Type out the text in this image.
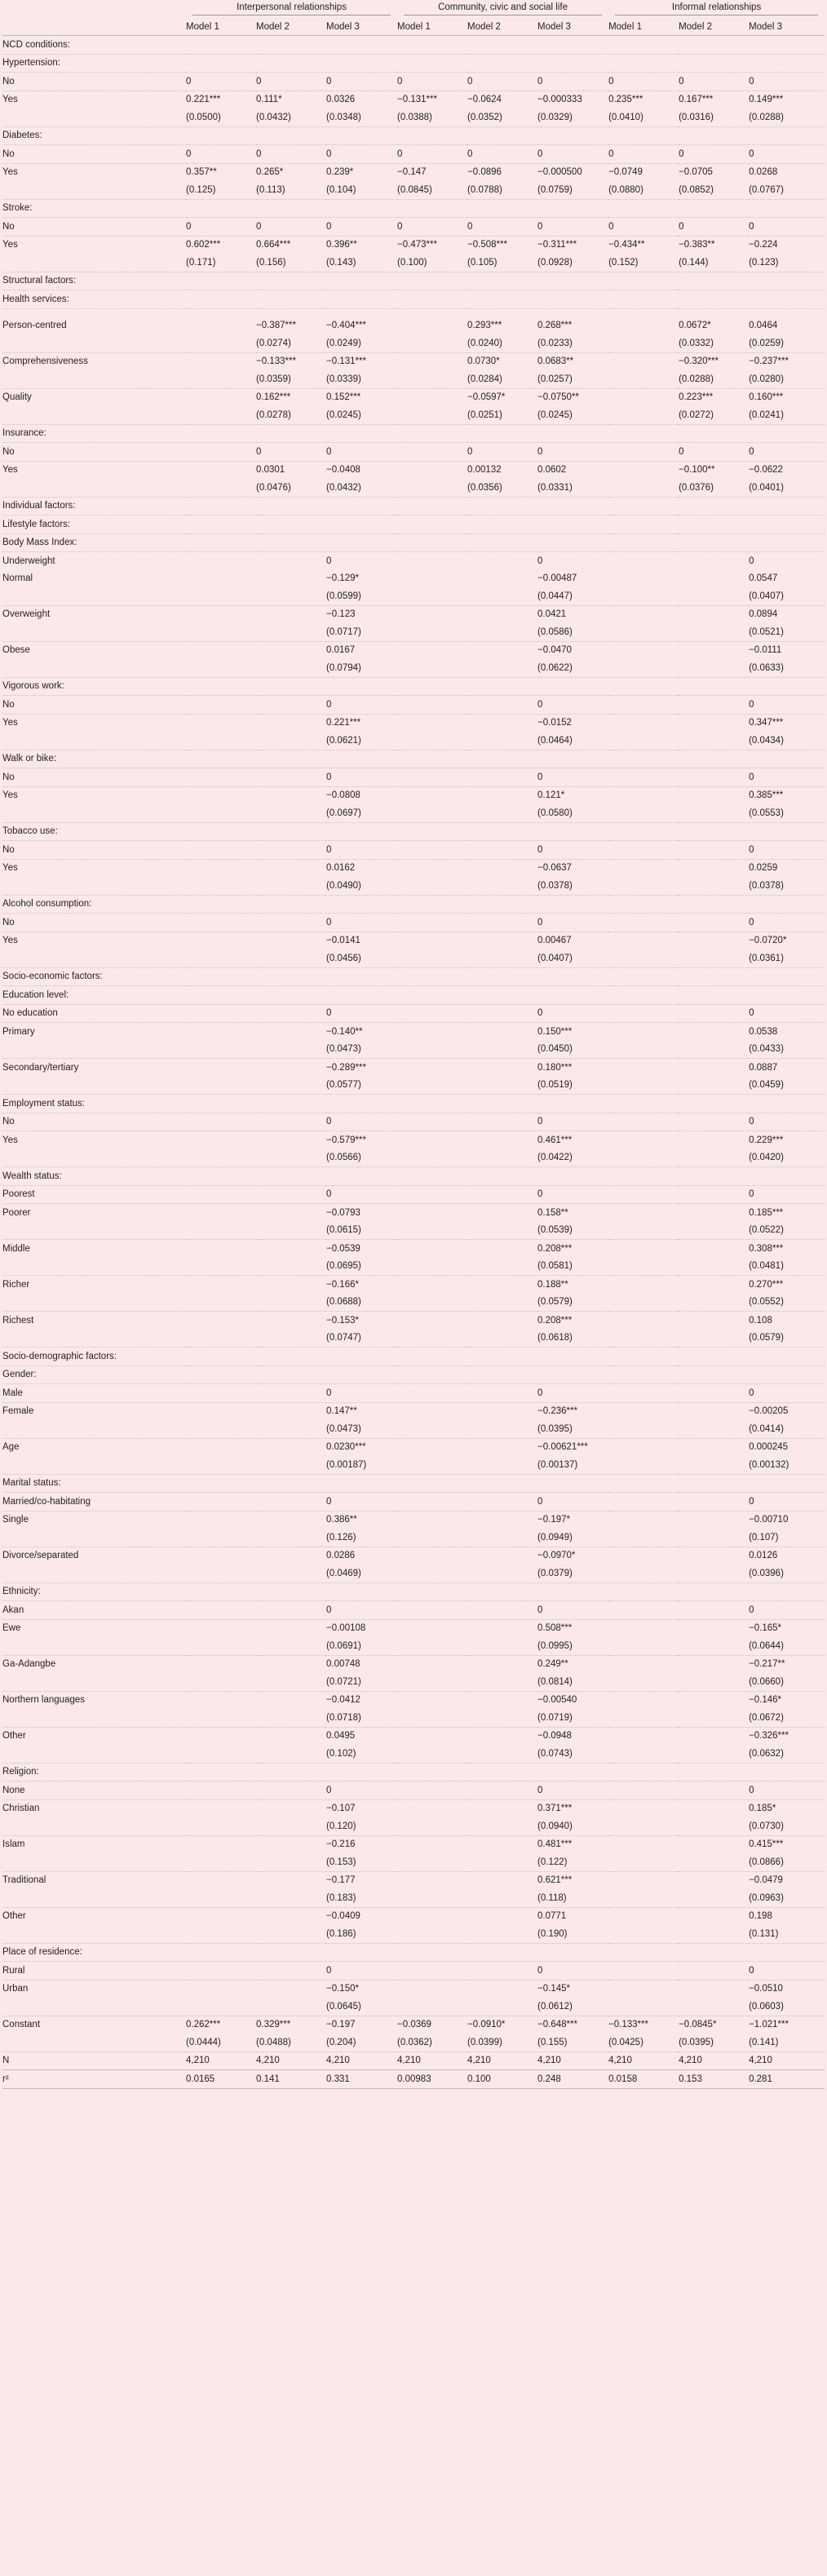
	Interpersonal relationships			Community, civic and social life			Informal relationships		
	Model 1	Model 2	Model 3	Model 1	Model 2	Model 3	Model 1	Model 2	Model 3
NCD conditions:									
Hypertension:									
No	0	0	0	0	0	0	0	0	0
Yes	0.221***	0.111*	0.0326	−0.131***	−0.0624	−0.000333	0.235***	0.167***	0.149***
	(0.0500)	(0.0432)	(0.0348)	(0.0388)	(0.0352)	(0.0329)	(0.0410)	(0.0316)	(0.0288)
Diabetes:									
No	0	0	0	0	0	0	0	0	0
Yes	0.357**	0.265*	0.239*	−0.147	−0.0896	−0.000500	−0.0749	−0.0705	0.0268
	(0.125)	(0.113)	(0.104)	(0.0845)	(0.0788)	(0.0759)	(0.0880)	(0.0852)	(0.0767)
Stroke:									
No	0	0	0	0	0	0	0	0	0
Yes	0.602***	0.664***	0.396**	−0.473***	−0.508***	−0.311***	−0.434**	−0.383**	−0.224
	(0.171)	(0.156)	(0.143)	(0.100)	(0.105)	(0.0928)	(0.152)	(0.144)	(0.123)
Structural factors:									
Health services:									

Person-centred		−0.387***	−0.404***		0.293***	0.268***		0.0672*	0.0464
		(0.0274)	(0.0249)		(0.0240)	(0.0233)		(0.0332)	(0.0259)
Comprehensiveness		−0.133***	−0.131***		0.0730*	0.0683**		−0.320***	−0.237***
		(0.0359)	(0.0339)		(0.0284)	(0.0257)		(0.0288)	(0.0280)
Quality		0.162***	0.152***		−0.0597*	−0.0750**		0.223***	0.160***
		(0.0278)	(0.0245)		(0.0251)	(0.0245)		(0.0272)	(0.0241)
Insurance:									
No		0	0		0	0		0	0
Yes		0.0301	−0.0408		0.00132	0.0602		−0.100**	−0.0622
		(0.0476)	(0.0432)		(0.0356)	(0.0331)		(0.0376)	(0.0401)
Individual factors:									
Lifestyle factors:									
Body Mass Index:									
Underweight			0			0			0
Normal			−0.129*			−0.00487			0.0547
			(0.0599)			(0.0447)			(0.0407)
Overweight			−0.123			0.0421			0.0894
			(0.0717)			(0.0586)			(0.0521)
Obese			0.0167			−0.0470			−0.0111
			(0.0794)			(0.0622)			(0.0633)
Vigorous work:									
No			0			0			0
Yes			0.221***			−0.0152			0.347***
			(0.0621)			(0.0464)			(0.0434)
Walk or bike:									
No			0			0			0
Yes			−0.0808			0.121*			0.385***
			(0.0697)			(0.0580)			(0.0553)
Tobacco use:									
No			0			0			0
Yes			0.0162			−0.0637			0.0259
			(0.0490)			(0.0378)			(0.0378)
Alcohol consumption:									
No			0			0			0
Yes			−0.0141			0.00467			−0.0720*
			(0.0456)			(0.0407)			(0.0361)
Socio-economic factors:									
Education level:									
No education			0			0			0
Primary			−0.140**			0.150***			0.0538
			(0.0473)			(0.0450)			(0.0433)
Secondary/tertiary			−0.289***			0.180***			0.0887
			(0.0577)			(0.0519)			(0.0459)
Employment status:									
No			0			0			0
Yes			−0.579***			0.461***			0.229***
			(0.0566)			(0.0422)			(0.0420)
Wealth status:									
Poorest			0			0			0
Poorer			−0.0793			0.158**			0.185***
			(0.0615)			(0.0539)			(0.0522)
Middle			−0.0539			0.208***			0.308***
			(0.0695)			(0.0581)			(0.0481)
Richer			−0.166*			0.188**			0.270***
			(0.0688)			(0.0579)			(0.0552)
Richest			−0.153*			0.208***			0.108
			(0.0747)			(0.0618)			(0.0579)
Socio-demographic factors:									
Gender:									
Male			0			0			0
Female			0.147**			−0.236***			−0.00205
			(0.0473)			(0.0395)			(0.0414)
Age			0.0230***			−0.00621***			0.000245
			(0.00187)			(0.00137)			(0.00132)
Marital status:									
Married/co-habitating			0			0			0
Single			0.386**			−0.197*			−0.00710
			(0.126)			(0.0949)			(0.107)
Divorce/separated			0.0286			−0.0970*			0.0126
			(0.0469)			(0.0379)			(0.0396)
Ethnicity:									
Akan			0			0			0
Ewe			−0.00108			0.508***			−0.165*
			(0.0691)			(0.0995)			(0.0644)
Ga-Adangbe			0.00748			0.249**			−0.217**
			(0.0721)			(0.0814)			(0.0660)
Northern languages			−0.0412			−0.00540			−0.146*
			(0.0718)			(0.0719)			(0.0672)
Other			0.0495			−0.0948			−0.326***
			(0.102)			(0.0743)			(0.0632)
Religion:									
None			0			0			0
Christian			−0.107			0.371***			0.185*
			(0.120)			(0.0940)			(0.0730)
Islam			−0.216			0.481***			0.415***
			(0.153)			(0.122)			(0.0866)
Traditional			−0.177			0.621***			−0.0479
			(0.183)			(0.118)			(0.0963)
Other			−0.0409			0.0771			0.198
			(0.186)			(0.190)			(0.131)
Place of residence:									
Rural			0			0			0
Urban			−0.150*			−0.145*			−0.0510
			(0.0645)			(0.0612)			(0.0603)
Constant	0.262***	0.329***	−0.197	−0.0369	−0.0910*	−0.648***	−0.133***	−0.0845*	−1.021***
	(0.0444)	(0.0488)	(0.204)	(0.0362)	(0.0399)	(0.155)	(0.0425)	(0.0395)	(0.141)
N	4,210	4,210	4,210	4,210	4,210	4,210	4,210	4,210	4,210
r²	0.0165	0.141	0.331	0.00983	0.100	0.248	0.0158	0.153	0.281
